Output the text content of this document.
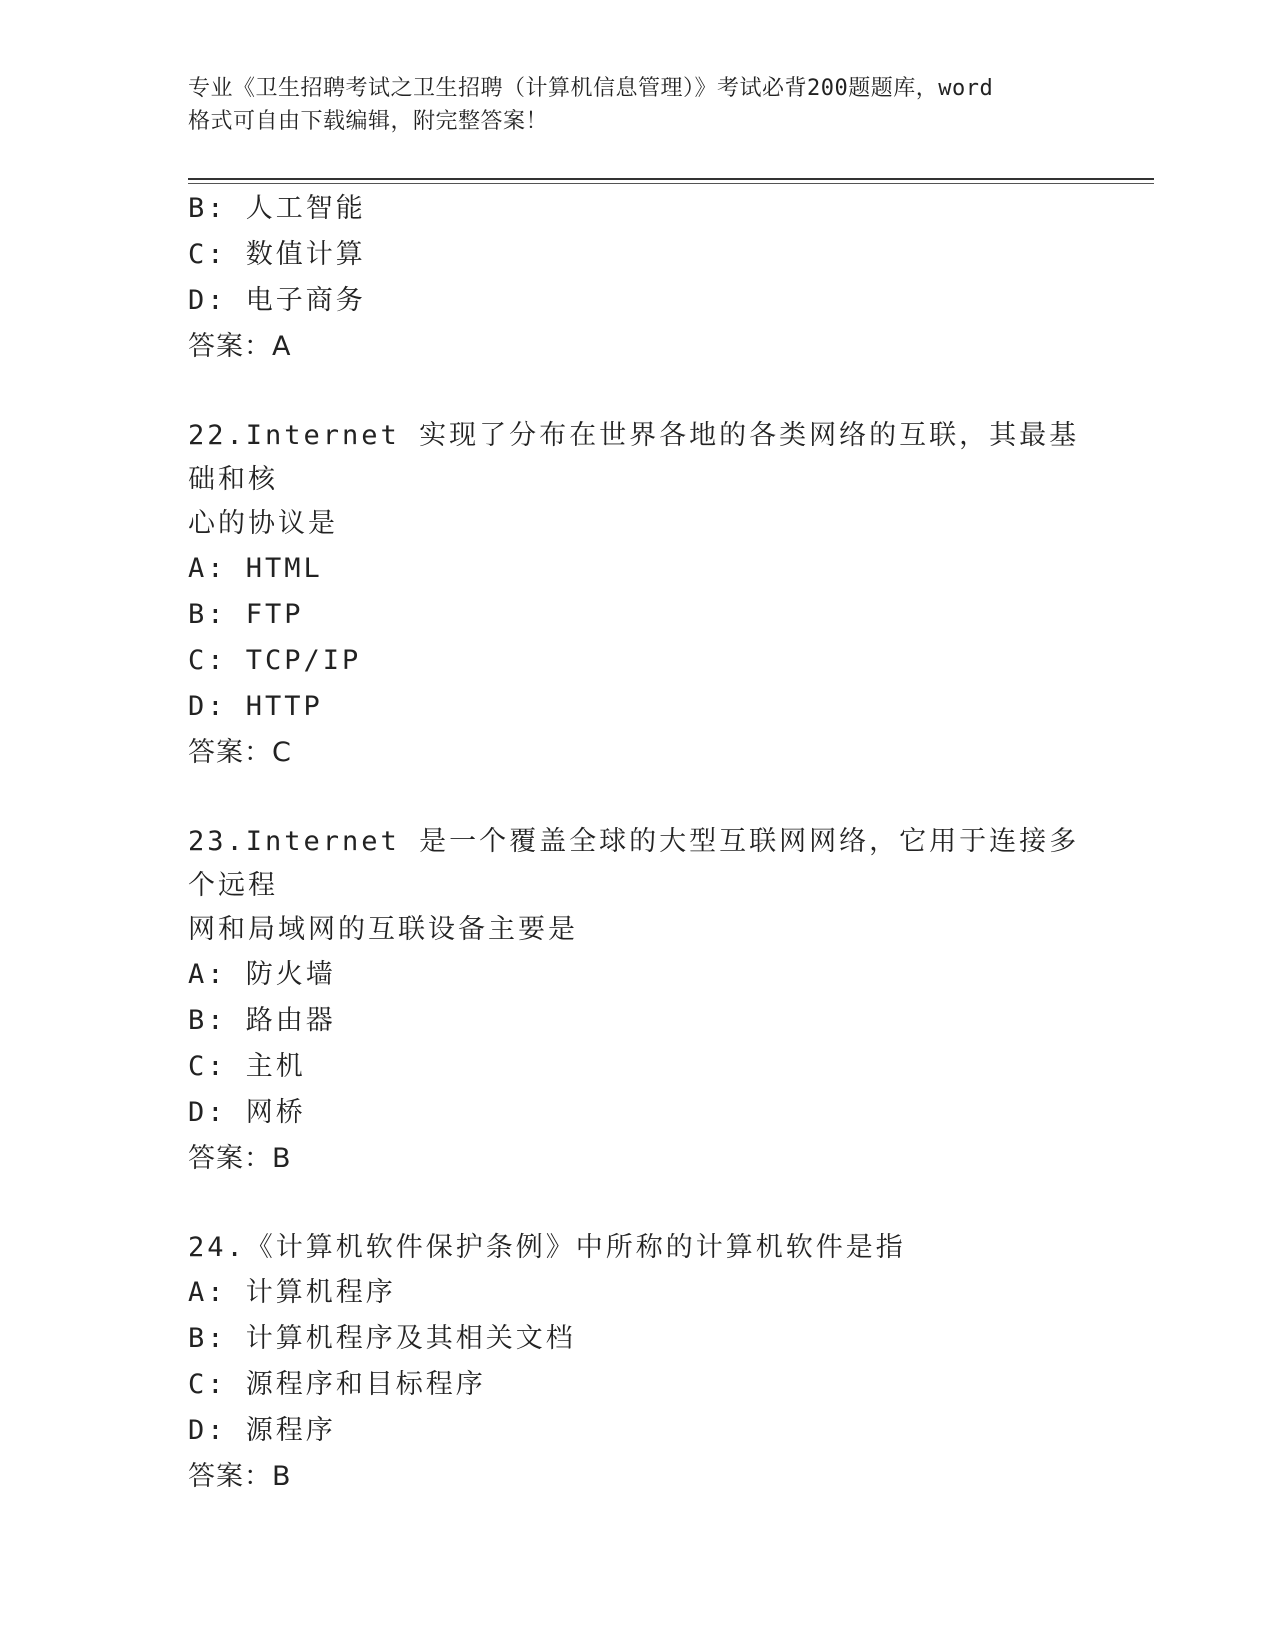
专业《卫生招聘考试之卫生招聘（计算机信息管理）》考试必背200题题库，word
格式可自由下载编辑，附完整答案！
B: 人工智能
C: 数值计算
D: 电子商务
答案：A
22.Internet 实现了分布在世界各地的各类网络的互联，其最基础和核
心的协议是
A: HTML
B: FTP
C: TCP/IP
D: HTTP
答案：C
23.Internet 是一个覆盖全球的大型互联网网络，它用于连接多个远程
网和局域网的互联设备主要是
A: 防火墙
B: 路由器
C: 主机
D: 网桥
答案：B
24.《计算机软件保护条例》中所称的计算机软件是指
A: 计算机程序
B: 计算机程序及其相关文档
C: 源程序和目标程序
D: 源程序
答案：B
